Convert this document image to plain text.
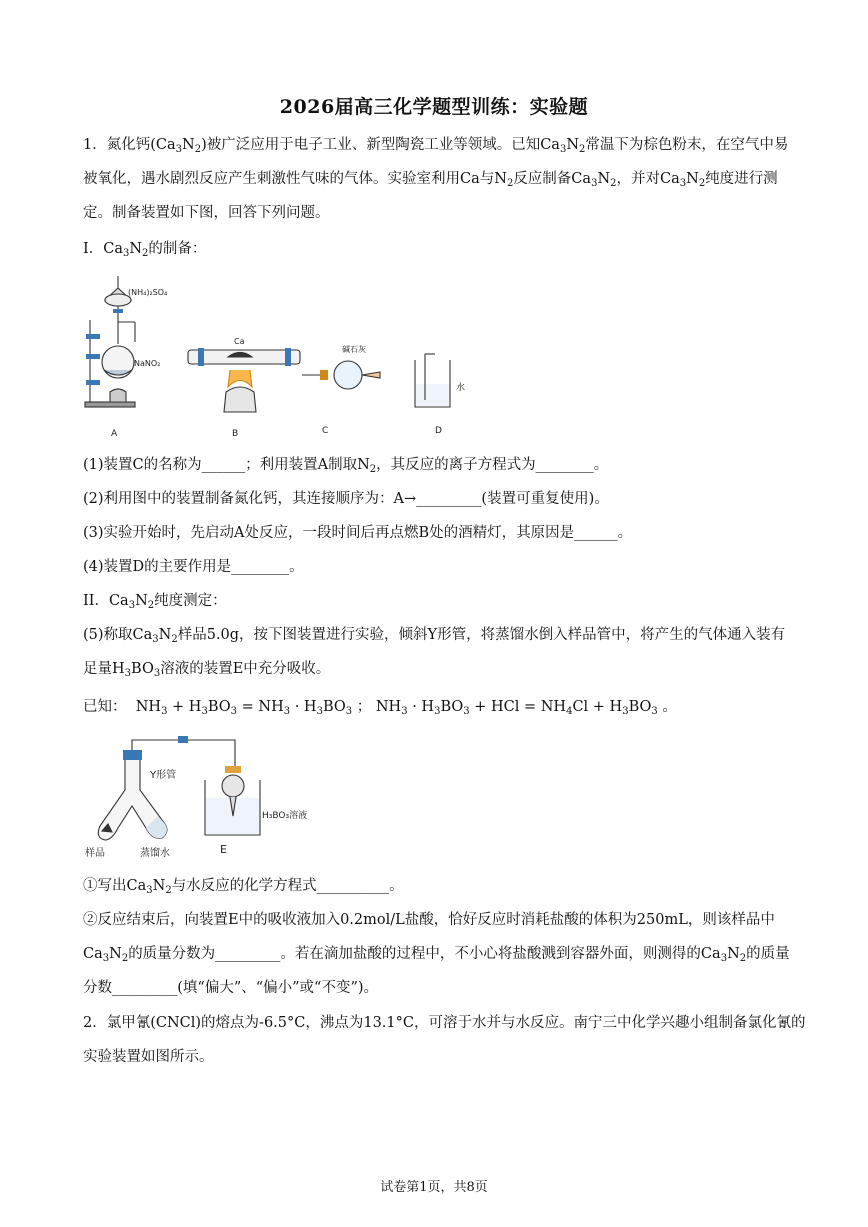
2026届高三化学题型训练：实验题
1．氮化钙$(Ca_3N_2)$被广泛应用于电子工业、新型陶瓷工业等领域。已知$Ca_3N_2$常温下为棕色粉末，在空气中易
被氧化，遇水剧烈反应产生刺激性气味的气体。实验室利用Ca与$N_2$反应制备$Ca_3N_2$，并对$Ca_3N_2$纯度进行测
定。制备装置如下图，回答下列问题。
I．$Ca_3N_2$的制备：
(NH₄)₂SO₄
NaNO₂
Ca
碱石灰
水
A	B	C	D
(1)装置C的名称为______；利用装置A制取$N_2$，其反应的离子方程式为________。
(2)利用图中的装置制备氮化钙，其连接顺序为：A→_________(装置可重复使用)。
(3)实验开始时，先启动A处反应，一段时间后再点燃B处的酒精灯，其原因是______。
(4)装置D的主要作用是________。
II．$Ca_3N_2$纯度测定：
(5)称取$Ca_3N_2$样品5.0g，按下图装置进行实验，倾斜Y形管，将蒸馏水倒入样品管中，将产生的气体通入装有
足量$H_3BO_3$溶液的装置E中充分吸收。
已知： $NH_3 + H_3BO_3 = NH_3 \cdot H_3BO_3$ ； $NH_3 \cdot H_3BO_3$ + HCl = $NH_4Cl + H_3BO_3$ 。
Y形管
H₃BO₃溶液
样品	蒸馏水	E
①写出$Ca_3N_2$与水反应的化学方程式__________。
②反应结束后，向装置E中的吸收液加入0.2mol/L盐酸，恰好反应时消耗盐酸的体积为250mL，则该样品中
$Ca_3N_2$的质量分数为_________。若在滴加盐酸的过程中，不小心将盐酸溅到容器外面，则测得的$Ca_3N_2$的质量
分数_________(填“偏大”、“偏小”或“不变”)。
2．氯甲氰(CNCl)的熔点为-6.5°C，沸点为13.1°C，可溶于水并与水反应。南宁三中化学兴趣小组制备氯化氰的
实验装置如图所示。
试卷第1页，共8页
